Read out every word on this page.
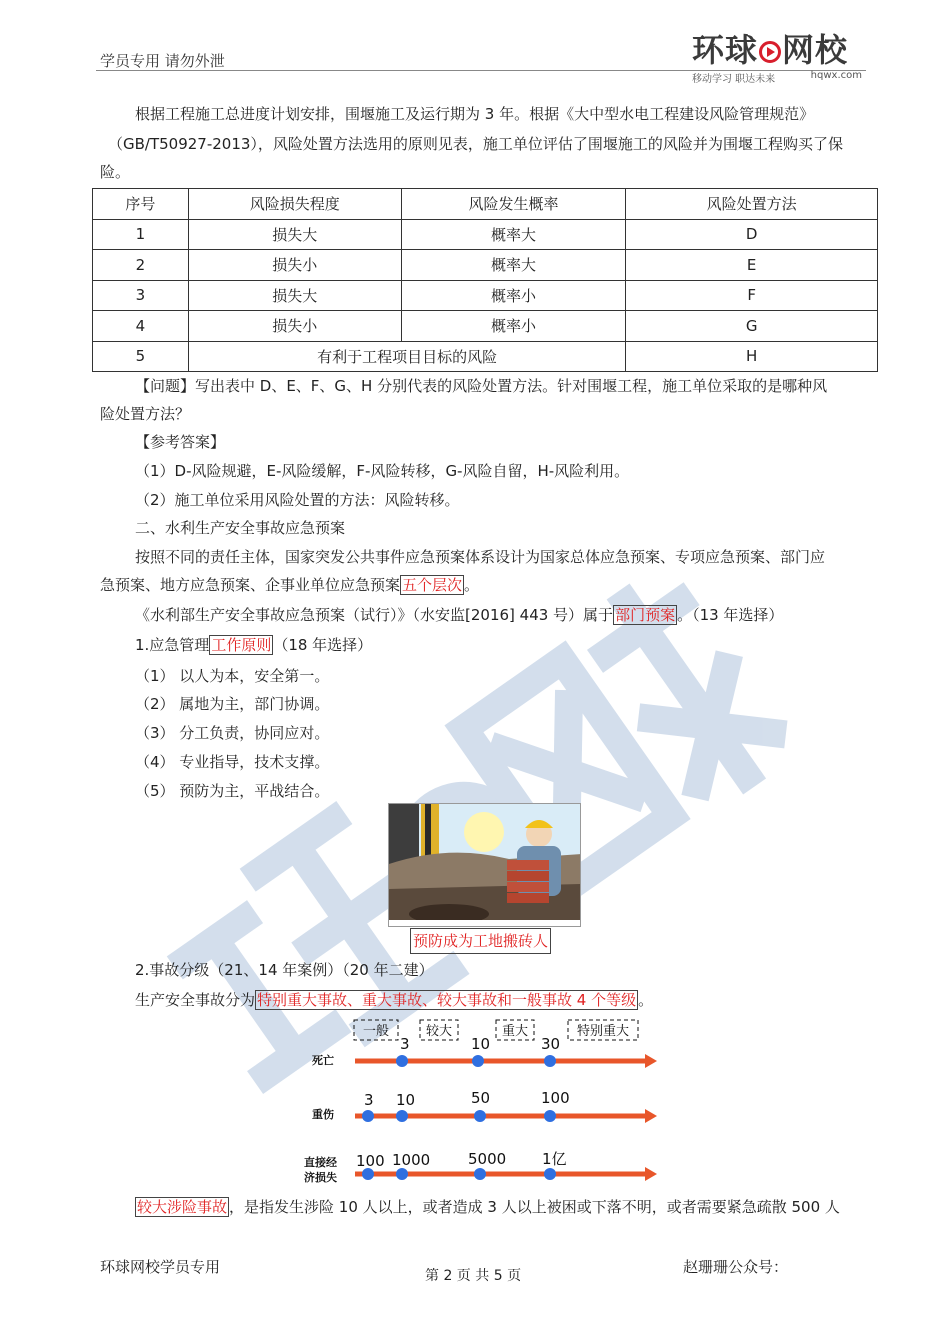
学员专用 请勿外泄	环球 网校
移动学习 职达未来	hqwx.com
根据工程施工总进度计划安排，围堰施工及运行期为 3 年。根据《大中型水电工程建设风险管理规范》
（GB/T50927-2013），风险处置方法选用的原则见表，施工单位评估了围堰施工的风险并为围堰工程购买了保
险。
序号	风险损失程度	风险发生概率	风险处置方法
1	损失大	概率大	D
2	损失小	概率大	E
3	损失大	概率小	F
4	损失小	概率小	G
5	有利于工程项目目标的风险		H
【问题】写出表中 D、E、F、G、H 分别代表的风险处置方法。针对围堰工程，施工单位采取的是哪种风
险处置方法？
【参考答案】
（1）D-风险规避，E-风险缓解，F-风险转移，G-风险自留，H-风险利用。
（2）施工单位采用风险处置的方法：风险转移。
二、水利生产安全事故应急预案
按照不同的责任主体，国家突发公共事件应急预案体系设计为国家总体应急预案、专项应急预案、部门应
急预案、地方应急预案、企事业单位应急预案 五个层次 。
《水利部生产安全事故应急预案（试行）》（水安监[2016] 443 号）属于 部门预案 。（13 年选择）
1.应急管理 工作原则 （18 年选择）
（1） 以人为本，安全第一。
（2） 属地为主，部门协调。
（3） 分工负责，协同应对。
（4） 专业指导，技术支撑。
（5） 预防为主，平战结合。
预防成为工地搬砖人
2.事故分级（21、14 年案例）（20 年二建）
生产安全事故分为 特别重大事故、重大事故、较大事故和一般事故 4 个等级 。
一般	较大	重大	特别重大
死亡
3	10	30
重伤
3 10	50	100
直接经
济损失
100 1000	5000 1亿
较大涉险事故 ，是指发生涉险 10 人以上，或者造成 3 人以上被困或下落不明，或者需要紧急疏散 500 人
环球网校学员专用	第 2 页 共 5 页	赵珊珊公众号：
